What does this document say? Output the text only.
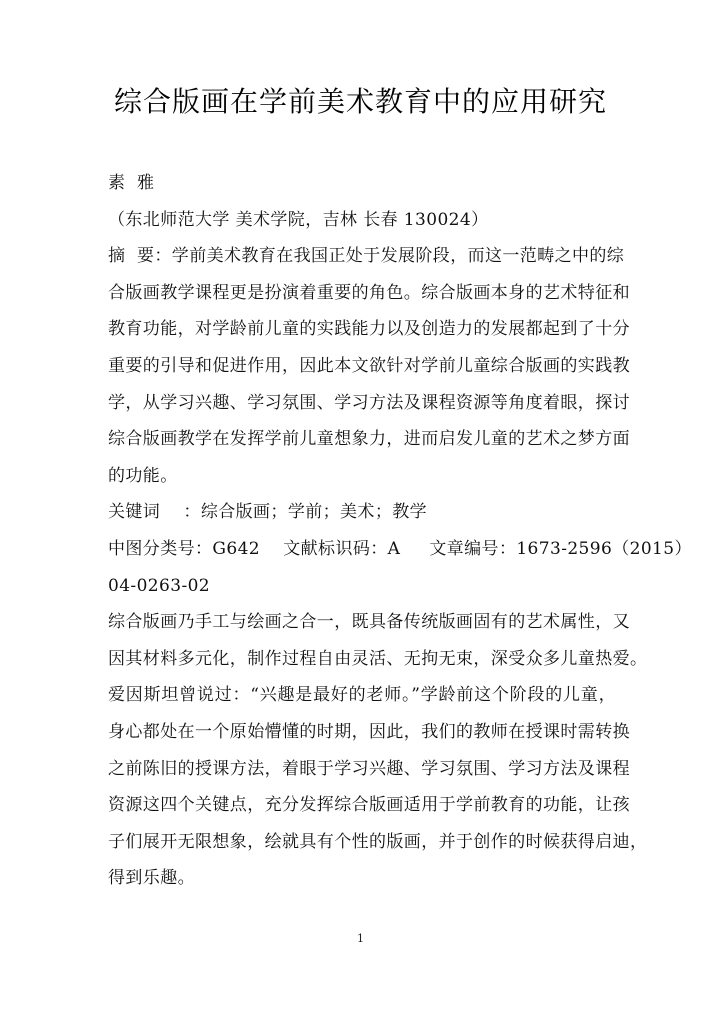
综合版画在学前美术教育中的应用研究
素  雅
（东北师范大学 美术学院，吉林 长春 130024）
摘  要：学前美术教育在我国正处于发展阶段，而这一范畴之中的综
合版画教学课程更是扮演着重要的角色。综合版画本身的艺术特征和
教育功能，对学龄前儿童的实践能力以及创造力的发展都起到了十分
重要的引导和促进作用，因此本文欲针对学前儿童综合版画的实践教
学，从学习兴趣、学习氛围、学习方法及课程资源等角度着眼，探讨
综合版画教学在发挥学前儿童想象力，进而启发儿童的艺术之梦方面
的功能。
关键词    ：综合版画；学前；美术；教学
中图分类号：G642    文献标识码：A     文章编号：1673-2596（2015）
04-0263-02
综合版画乃手工与绘画之合一，既具备传统版画固有的艺术属性，又
因其材料多元化，制作过程自由灵活、无拘无束，深受众多儿童热爱。
爱因斯坦曾说过：“兴趣是最好的老师。”学龄前这个阶段的儿童，
身心都处在一个原始懵懂的时期，因此，我们的教师在授课时需转换
之前陈旧的授课方法，着眼于学习兴趣、学习氛围、学习方法及课程
资源这四个关键点，充分发挥综合版画适用于学前教育的功能，让孩
子们展开无限想象，绘就具有个性的版画，并于创作的时候获得启迪，
得到乐趣。
1
